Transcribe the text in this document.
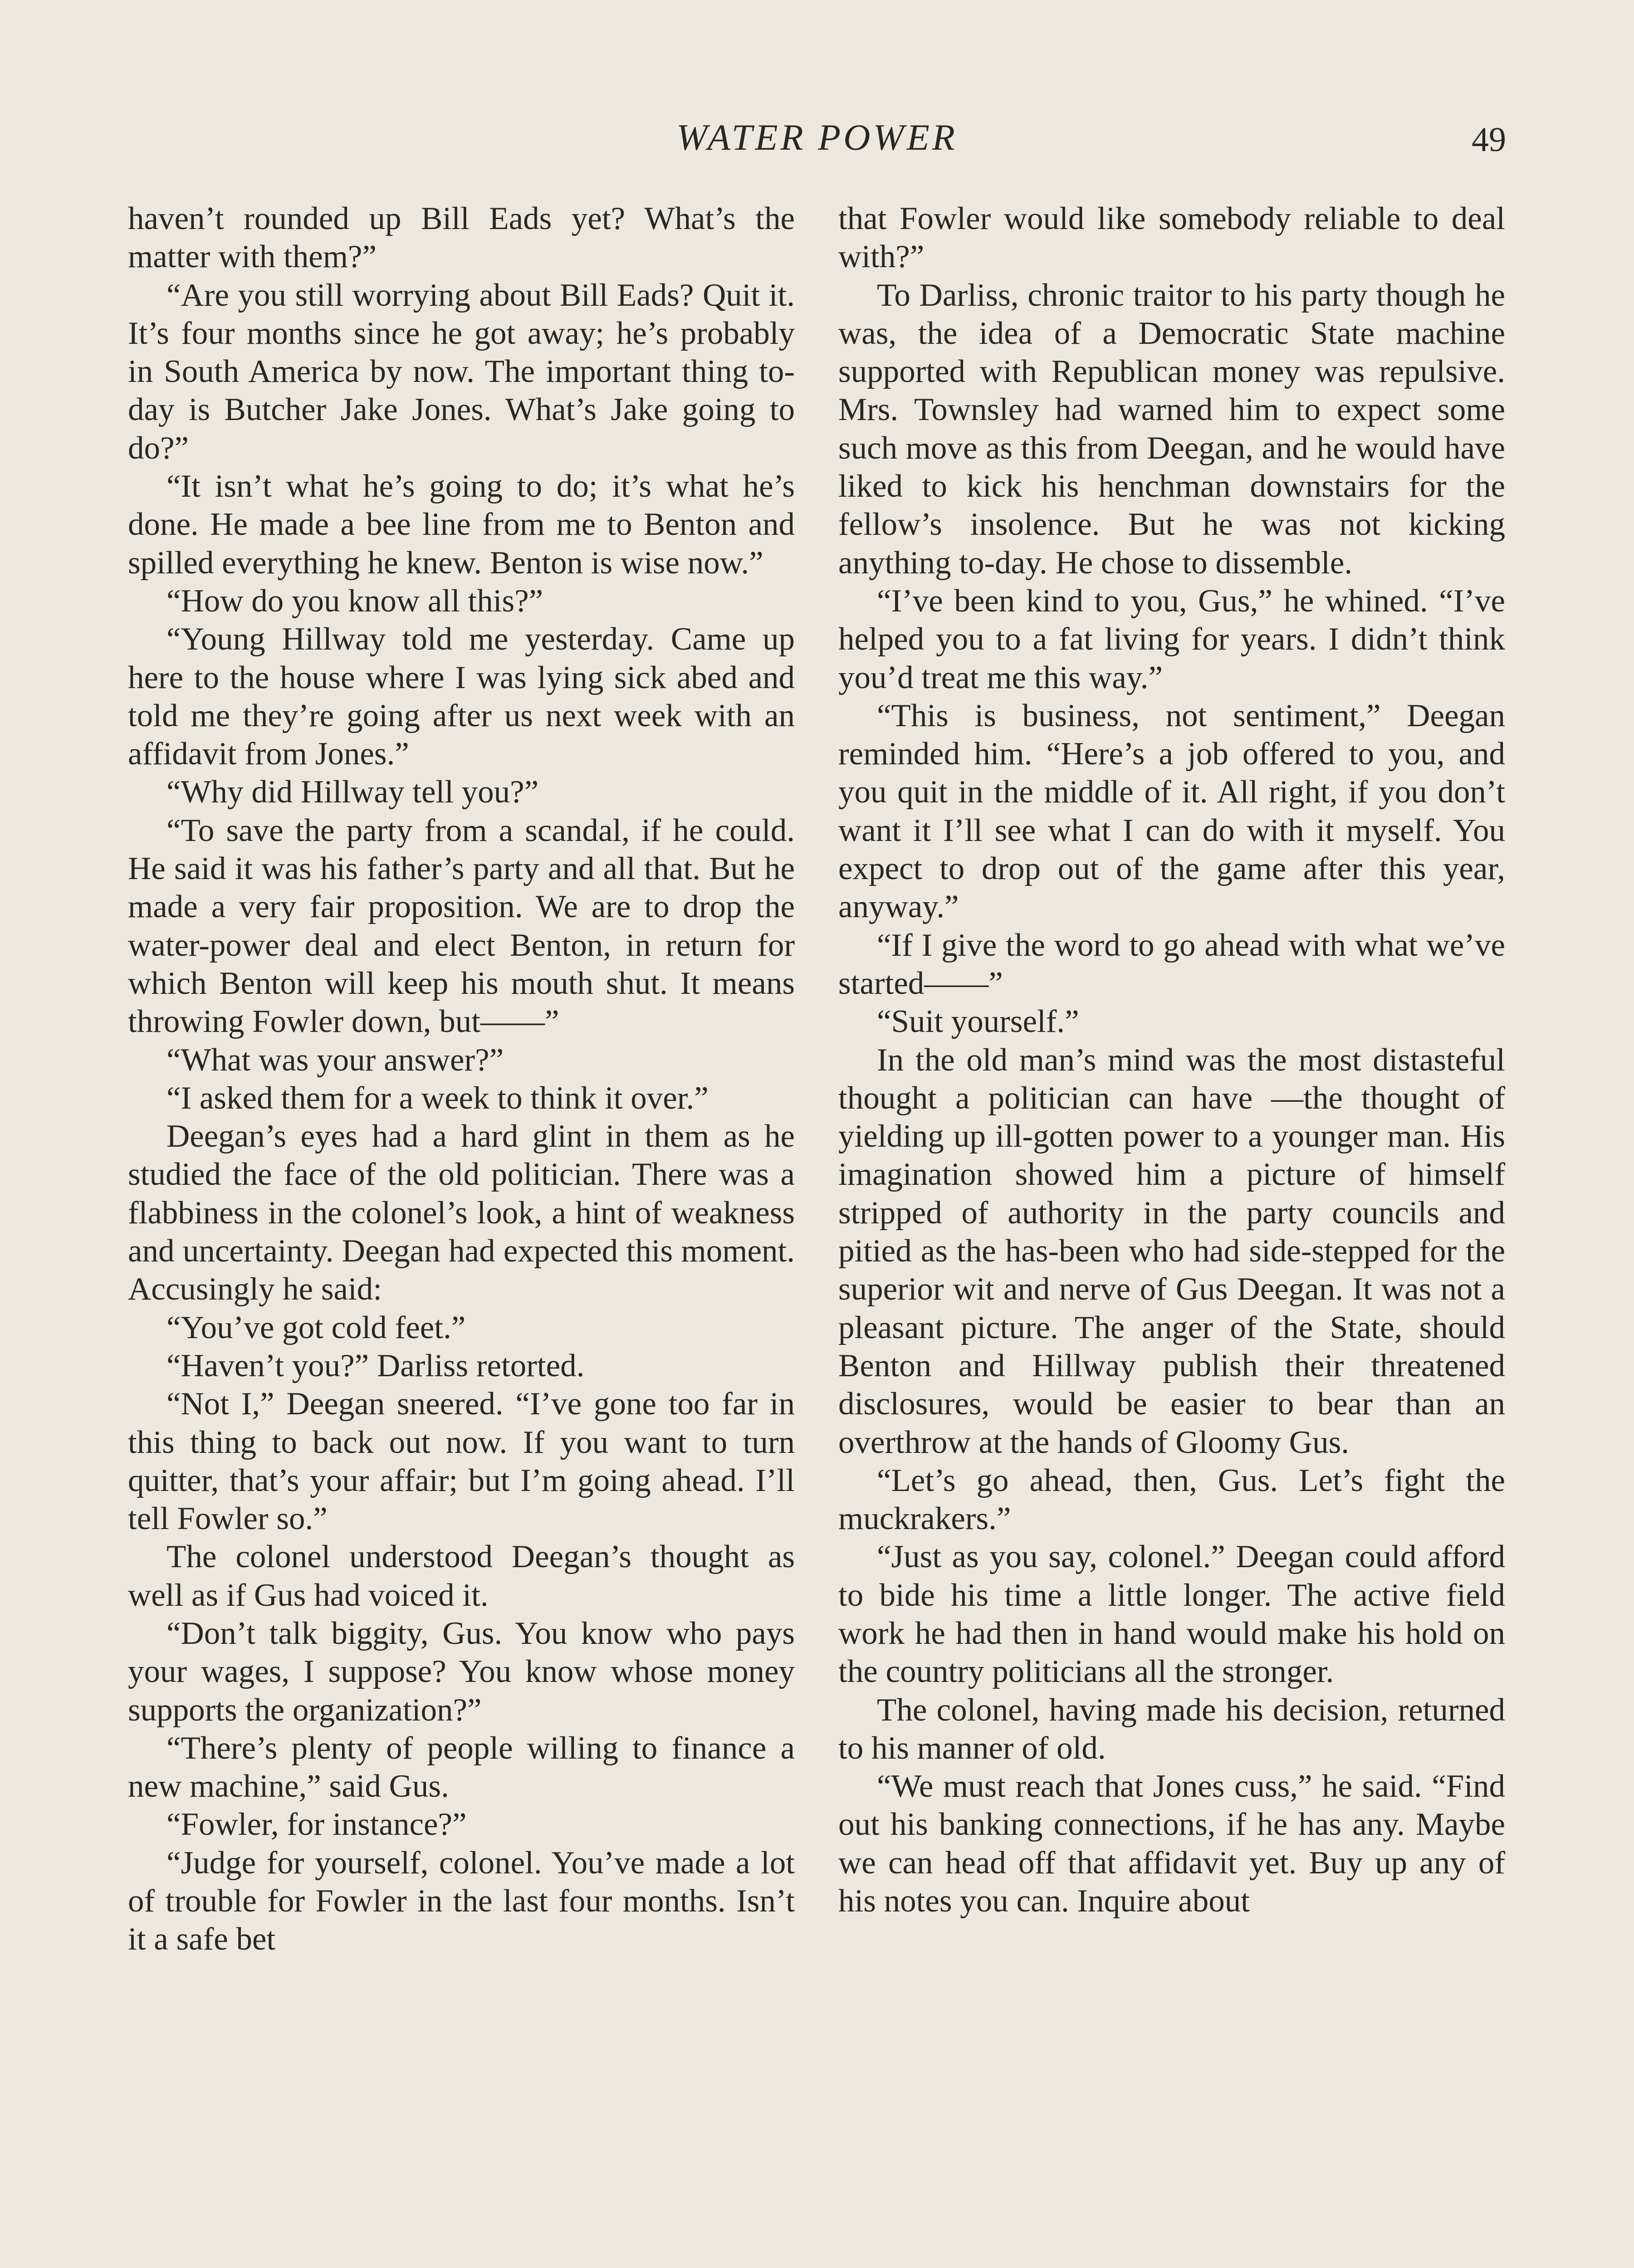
WATER POWER	49

haven’t rounded up Bill Eads yet? What’s the matter with them?”

“Are you still worrying about Bill Eads? Quit it. It’s four months since he got away; he’s probably in South America by now. The important thing to-day is Butcher Jake Jones. What’s Jake going to do?”

“It isn’t what he’s going to do; it’s what he’s done. He made a bee line from me to Benton and spilled everything he knew. Benton is wise now.”

“How do you know all this?”

“Young Hillway told me yesterday. Came up here to the house where I was lying sick abed and told me they’re going after us next week with an affidavit from Jones.”

“Why did Hillway tell you?”

“To save the party from a scandal, if he could. He said it was his father’s party and all that. But he made a very fair proposition. We are to drop the water-power deal and elect Benton, in return for which Benton will keep his mouth shut. It means throwing Fowler down, but——”

“What was your answer?”

“I asked them for a week to think it over.”

Deegan’s eyes had a hard glint in them as he studied the face of the old politician. There was a flabbiness in the colonel’s look, a hint of weakness and uncertainty. Deegan had expected this moment. Accusingly he said:

“You’ve got cold feet.”

“Haven’t you?” Darliss retorted.

“Not I,” Deegan sneered. “I’ve gone too far in this thing to back out now. If you want to turn quitter, that’s your affair; but I’m going ahead. I’ll tell Fowler so.”

The colonel understood Deegan’s thought as well as if Gus had voiced it.

“Don’t talk biggity, Gus. You know who pays your wages, I suppose? You know whose money supports the organization?”

“There’s plenty of people willing to finance a new machine,” said Gus.

“Fowler, for instance?”

“Judge for yourself, colonel. You’ve made a lot of trouble for Fowler in the last four months. Isn’t it a safe bet

that Fowler would like somebody reliable to deal with?”

To Darliss, chronic traitor to his party though he was, the idea of a Democratic State machine supported with Republican money was repulsive. Mrs. Townsley had warned him to expect some such move as this from Deegan, and he would have liked to kick his henchman downstairs for the fellow’s insolence. But he was not kicking anything to-day. He chose to dissemble.

“I’ve been kind to you, Gus,” he whined. “I’ve helped you to a fat living for years. I didn’t think you’d treat me this way.”

“This is business, not sentiment,” Deegan reminded him. “Here’s a job offered to you, and you quit in the middle of it. All right, if you don’t want it I’ll see what I can do with it myself. You expect to drop out of the game after this year, anyway.”

“If I give the word to go ahead with what we’ve started——”

“Suit yourself.”

In the old man’s mind was the most distasteful thought a politician can have —the thought of yielding up ill-gotten power to a younger man. His imagination showed him a picture of himself stripped of authority in the party councils and pitied as the has-been who had side-stepped for the superior wit and nerve of Gus Deegan. It was not a pleasant picture. The anger of the State, should Benton and Hillway publish their threatened disclosures, would be easier to bear than an overthrow at the hands of Gloomy Gus.

“Let’s go ahead, then, Gus. Let’s fight the muckrakers.”

“Just as you say, colonel.” Deegan could afford to bide his time a little longer. The active field work he had then in hand would make his hold on the country politicians all the stronger.

The colonel, having made his decision, returned to his manner of old.

“We must reach that Jones cuss,” he said. “Find out his banking connections, if he has any. Maybe we can head off that affidavit yet. Buy up any of his notes you can. Inquire about
